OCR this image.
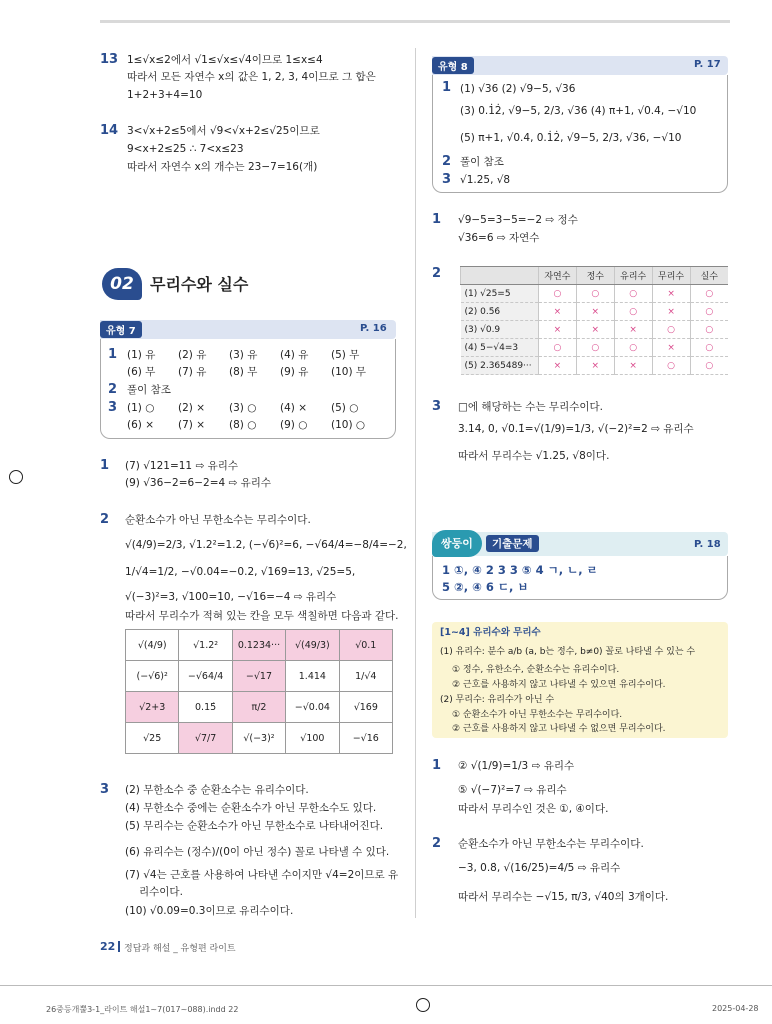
13 1≤√x≤2에서 √1≤√x≤√4이므로 1≤x≤4
따라서 모든 자연수 x의 값은 1, 2, 3, 4이므로 그 합은
1+2+3+4=10
14 3<√x+2≤5에서 √9<√x+2≤√25이므로
9<x+2≤25 ∴ 7<x≤23
따라서 자연수 x의 개수는 23−7=16(개)
02	무리수와 실수
유형 7	P. 16
1 (1) 유 (2) 유 (3) 유 (4) 유 (5) 무
(6) 무 (7) 유 (8) 무 (9) 유 (10) 무
2 풀이 참조
3 (1) ○ (2) × (3) ○ (4) × (5) ○
(6) × (7) × (8) ○ (9) ○ (10) ○
1 (7) √121=11 ⇨ 유리수
(9) √36−2=6−2=4 ⇨ 유리수
2 순환소수가 아닌 무한소수는 무리수이다.
√(4/9)=2/3, √1.2²=1.2, (−√6)²=6, −√64/4=−8/4=−2,
1/√4=1/2, −√0.04=−0.2, √169=13, √25=5,
√(−3)²=3, √100=10, −√16=−4 ⇨ 유리수
따라서 무리수가 적혀 있는 칸을 모두 색칠하면 다음과 같다.
√(4/9)	√1.2²	0.1234···	√(49/3)	√0.1
(−√6)²	−√64/4	−√17	1.414	1/√4
√2+3	0.15̇	π/2	−√0.04	√169
√25	√7/7	√(−3)²	√100	−√16
3 (2) 무한소수 중 순환소수는 유리수이다.
(4) 무한소수 중에는 순환소수가 아닌 무한소수도 있다.
(5) 무리수는 순환소수가 아닌 무한소수로 나타내어진다.
(6) 유리수는 (정수)/(0이 아닌 정수) 꼴로 나타낼 수 있다.
(7) √4는 근호를 사용하여 나타낸 수이지만 √4=2이므로 유
리수이다.
(10) √0.09=0.3이므로 유리수이다.
유형 8	P. 17
1 (1) √36 (2) √9−5, √36
(3) 0.1̇2̇, √9−5, 2/3, √36 (4) π+1, √0.4, −√10
(5) π+1, √0.4, 0.1̇2̇, √9−5, 2/3, √36, −√10
2 풀이 참조
3 √1.25, √8
1 √9−5=3−5=−2 ⇨ 정수
√36=6 ⇨ 자연수
2
		자연수	정수	유리수	무리수	실수
(1) √25=5	○	○	○	×	○
(2) 0.5̇6̇	×	×	○	×	○
(3) √0.9	×	×	×	○	○
(4) 5−√4=3	○	○	○	×	○
(5) 2.365489···	×	×	×	○	○
3 □에 해당하는 수는 무리수이다.
3.14, 0, √0.1̇=√(1/9)=1/3, √(−2)²=2 ⇨ 유리수
따라서 무리수는 √1.25, √8이다.
쌍둥이	기출문제	P. 18
1 ①, ④ 2 3 3 ⑤ 4 ㄱ, ㄴ, ㄹ
5 ②, ④ 6 ㄷ, ㅂ
[1~4] 유리수와 무리수
(1) 유리수: 분수 a/b (a, b는 정수, b≠0) 꼴로 나타낼 수 있는 수
① 정수, 유한소수, 순환소수는 유리수이다.
② 근호를 사용하지 않고 나타낼 수 있으면 유리수이다.
(2) 무리수: 유리수가 아닌 수
① 순환소수가 아닌 무한소수는 무리수이다.
② 근호를 사용하지 않고 나타낼 수 없으면 무리수이다.
1 ② √(1/9)=1/3 ⇨ 유리수
⑤ √(−7)²=7 ⇨ 유리수
따라서 무리수인 것은 ①, ④이다.
2 순환소수가 아닌 무한소수는 무리수이다.
−3, 0.8̇, √(16/25)=4/5 ⇨ 유리수
따라서 무리수는 −√15, π/3, √40의 3개이다.
22 정답과 해설 _ 유형편 라이트
26중등개뿔3-1_라이트 해설1~7(017~088).indd 22	2025-04-28
